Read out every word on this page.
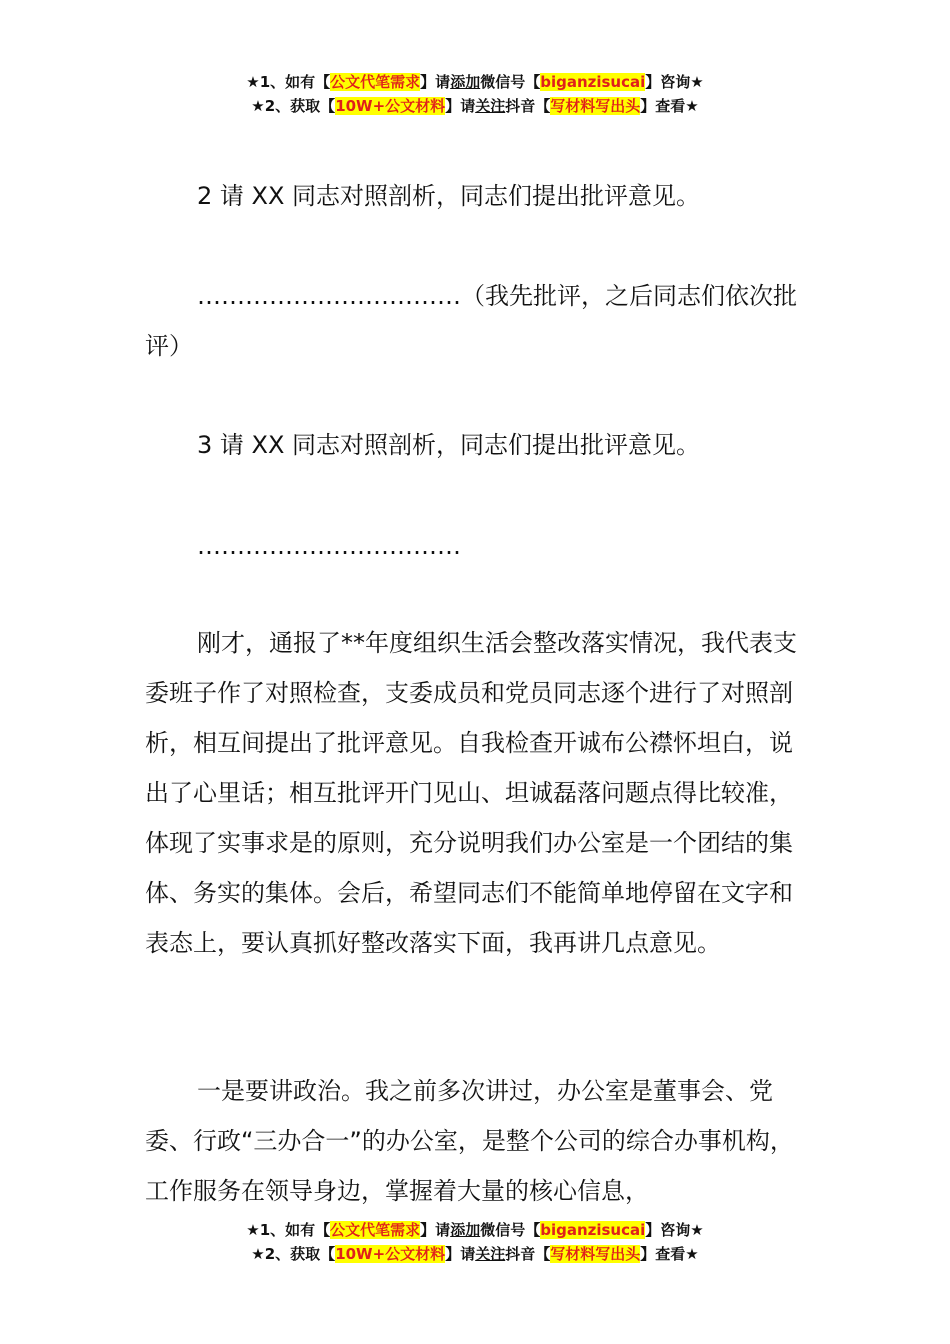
★1、如有【公文代笔需求】请添加微信号【biganzisucai】咨询★
★2、获取【10W+公文材料】请关注抖音【写材料写出头】查看★

2 请 XX 同志对照剖析，同志们提出批评意见。

……………………………（我先批评，之后同志们依次批评）

3 请 XX 同志对照剖析，同志们提出批评意见。

……………………………

刚才，通报了**年度组织生活会整改落实情况，我代表支委班子作了对照检查，支委成员和党员同志逐个进行了对照剖析，相互间提出了批评意见。自我检查开诚布公襟怀坦白，说出了心里话；相互批评开门见山、坦诚磊落问题点得比较准，体现了实事求是的原则，充分说明我们办公室是一个团结的集体、务实的集体。会后，希望同志们不能简单地停留在文字和表态上，要认真抓好整改落实下面，我再讲几点意见。

一是要讲政治。我之前多次讲过，办公室是董事会、党委、行政“三办合一”的办公室，是整个公司的综合办事机构，工作服务在领导身边，掌握着大量的核心信息，

★1、如有【公文代笔需求】请添加微信号【biganzisucai】咨询★
★2、获取【10W+公文材料】请关注抖音【写材料写出头】查看★
